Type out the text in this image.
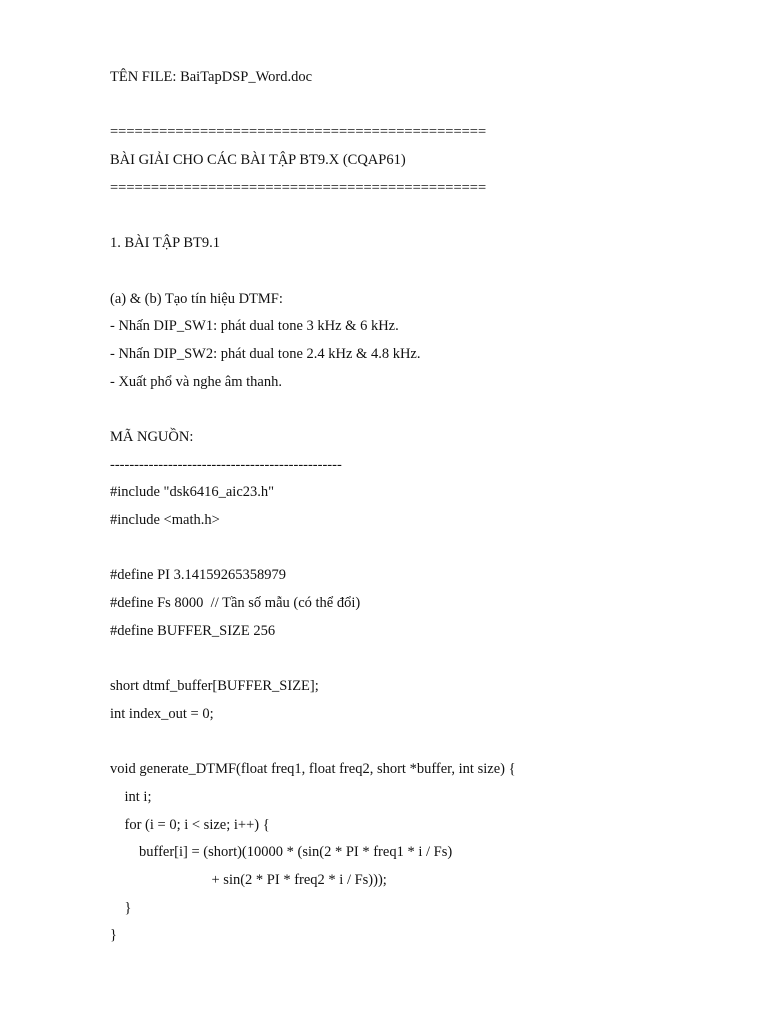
TÊN FILE: BaiTapDSP_Word.doc
==============================================
BÀI GIẢI CHO CÁC BÀI TẬP BT9.X (CQAP61)
==============================================
1. BÀI TẬP BT9.1
(a) & (b) Tạo tín hiệu DTMF:
- Nhấn DIP_SW1: phát dual tone 3 kHz & 6 kHz.
- Nhấn DIP_SW2: phát dual tone 2.4 kHz & 4.8 kHz.
- Xuất phổ và nghe âm thanh.
MÃ NGUỒN:
------------------------------------------------
#include "dsk6416_aic23.h"
#include <math.h>
#define PI 3.14159265358979
#define Fs 8000  // Tần số mẫu (có thể đổi)
#define BUFFER_SIZE 256
short dtmf_buffer[BUFFER_SIZE];
int index_out = 0;
void generate_DTMF(float freq1, float freq2, short *buffer, int size) {
int i;
for (i = 0; i < size; i++) {
buffer[i] = (short)(10000 * (sin(2 * PI * freq1 * i / Fs)
+ sin(2 * PI * freq2 * i / Fs)));
}
}
